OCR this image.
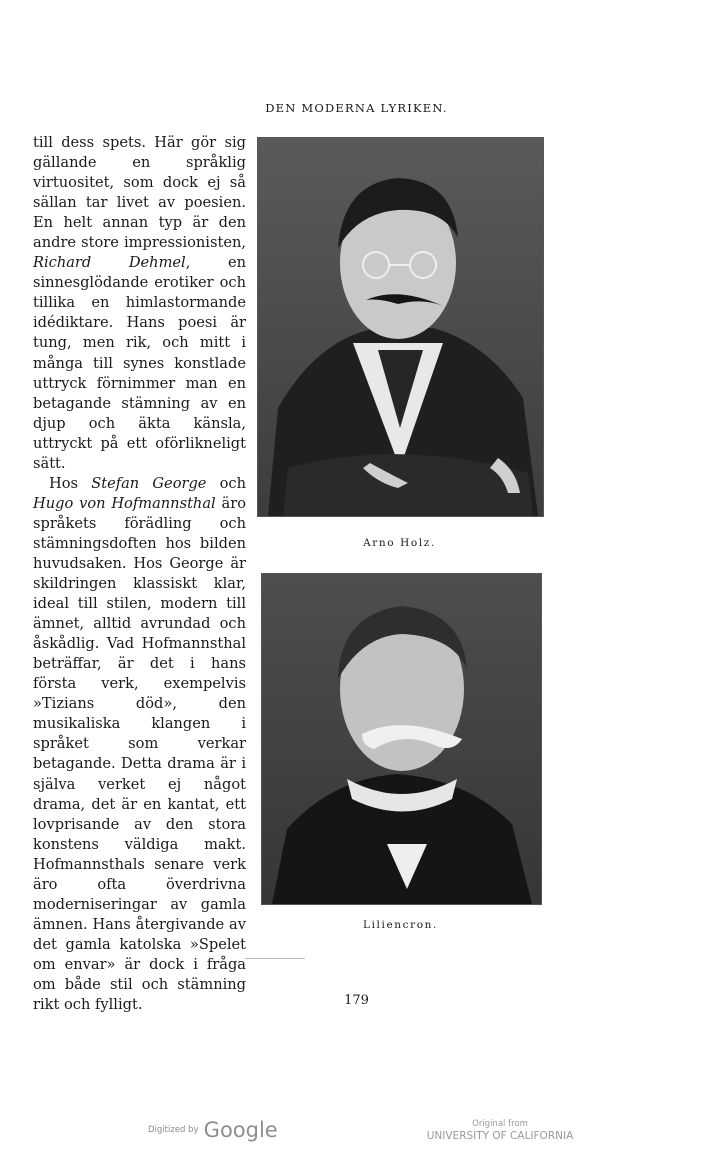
DEN MODERNA LYRIKEN.

till dess spets. Här gör sig gällande en språklig virtuositet, som dock ej så sällan tar livet av poesien. En helt annan typ är den andre store impressionisten, Richard Dehmel, en sinnesglödande erotiker och tillika en himlastormande idédiktare. Hans poesi är tung, men rik, och mitt i många till synes konstlade uttryck förnimmer man en betagande stämning av en djup och äkta känsla, uttryckt på ett oförlikneligt sätt.

Hos Stefan George och Hugo von Hofmannsthal äro språkets förädling och stämningsdoften hos bilden huvudsaken. Hos George är skildringen klassiskt klar, ideal till stilen, modern till ämnet, alltid avrundad och åskådlig. Vad Hofmannsthal beträffar, är det i hans första verk, exempelvis »Tizians död», den musikaliska klangen i språket som verkar betagande. Detta drama är i själva verket ej något drama, det är en kantat, ett lovprisande av den stora konstens väldiga makt. Hofmannsthals senare verk äro ofta överdrivna moderniseringar av gamla ämnen. Hans återgivande av det gamla katolska »Spelet om envar» är dock i fråga om både stil och stämning rikt och fylligt.

Arno Holz.
Liliencron.
179
Digitized by Google	Original from
UNIVERSITY OF CALIFORNIA
